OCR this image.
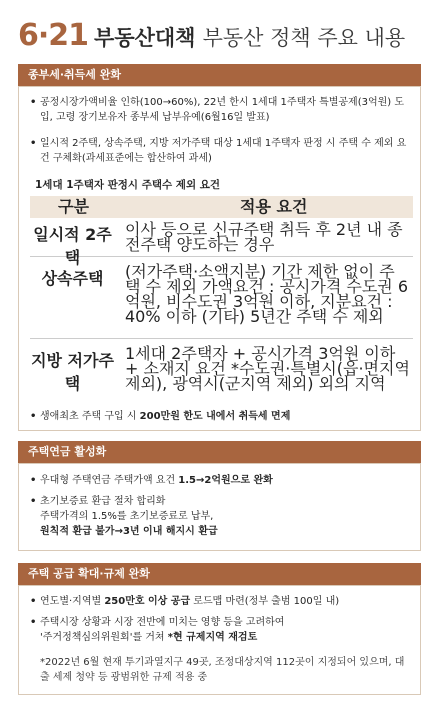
6·21 부동산대책 부동산 정책 주요 내용
종부세·취득세 완화
• 공정시장가액비율 인하(100→60%), 22년 한시 1세대 1주택자 특별공제(3억원) 도입, 고령 장기보유자 종부세 납부유예(6월16일 발표)
• 일시적 2주택, 상속주택, 지방 저가주택 대상 1세대 1주택자 판정 시 주택 수 제외 요건 구체화(과세표준에는 합산하여 과세)
1세대 1주택자 판정시 주택수 제외 요건
구분	적용 요건
일시적 2주택
이사 등으로 신규주택 취득 후 2년 내 종전주택 양도하는 경우
상속주택	(저가주택·소액지분) 기간 제한 없이 주택 수 제외 가액요건 : 공시가격 수도권 6억원, 비수도권 3억원 이하, 지분요건 : 40% 이하 (기타) 5년간 주택 수 제외
지방 저가주택
1세대 2주택자 + 공시가격 3억원 이하 + 소재지 요건 *수도권·특별시(읍·면지역 제외), 광역시(군지역 제외) 외의 지역
• 생애최초 주택 구입 시 200만원 한도 내에서 취득세 면제
주택연금 활성화
• 우대형 주택연금 주택가액 요건 1.5→2억원으로 완화
• 초기보증료 환급 절차 합리화
주택가격의 1.5%를 초기보증료로 납부,
원칙적 환급 불가→3년 이내 해지시 환급
주택 공급 확대·규제 완화
• 연도별·지역별 250만호 이상 공급 로드맵 마련(정부 출범 100일 내)
• 주택시장 상황과 시장 전반에 미치는 영향 등을 고려하여
'주거정책심의위원회'를 거쳐 *현 규제지역 재검토
*2022년 6월 현재 투기과열지구 49곳, 조정대상지역 112곳이 지정되어 있으며, 대출 세제 청약 등 광범위한 규제 적용 중
